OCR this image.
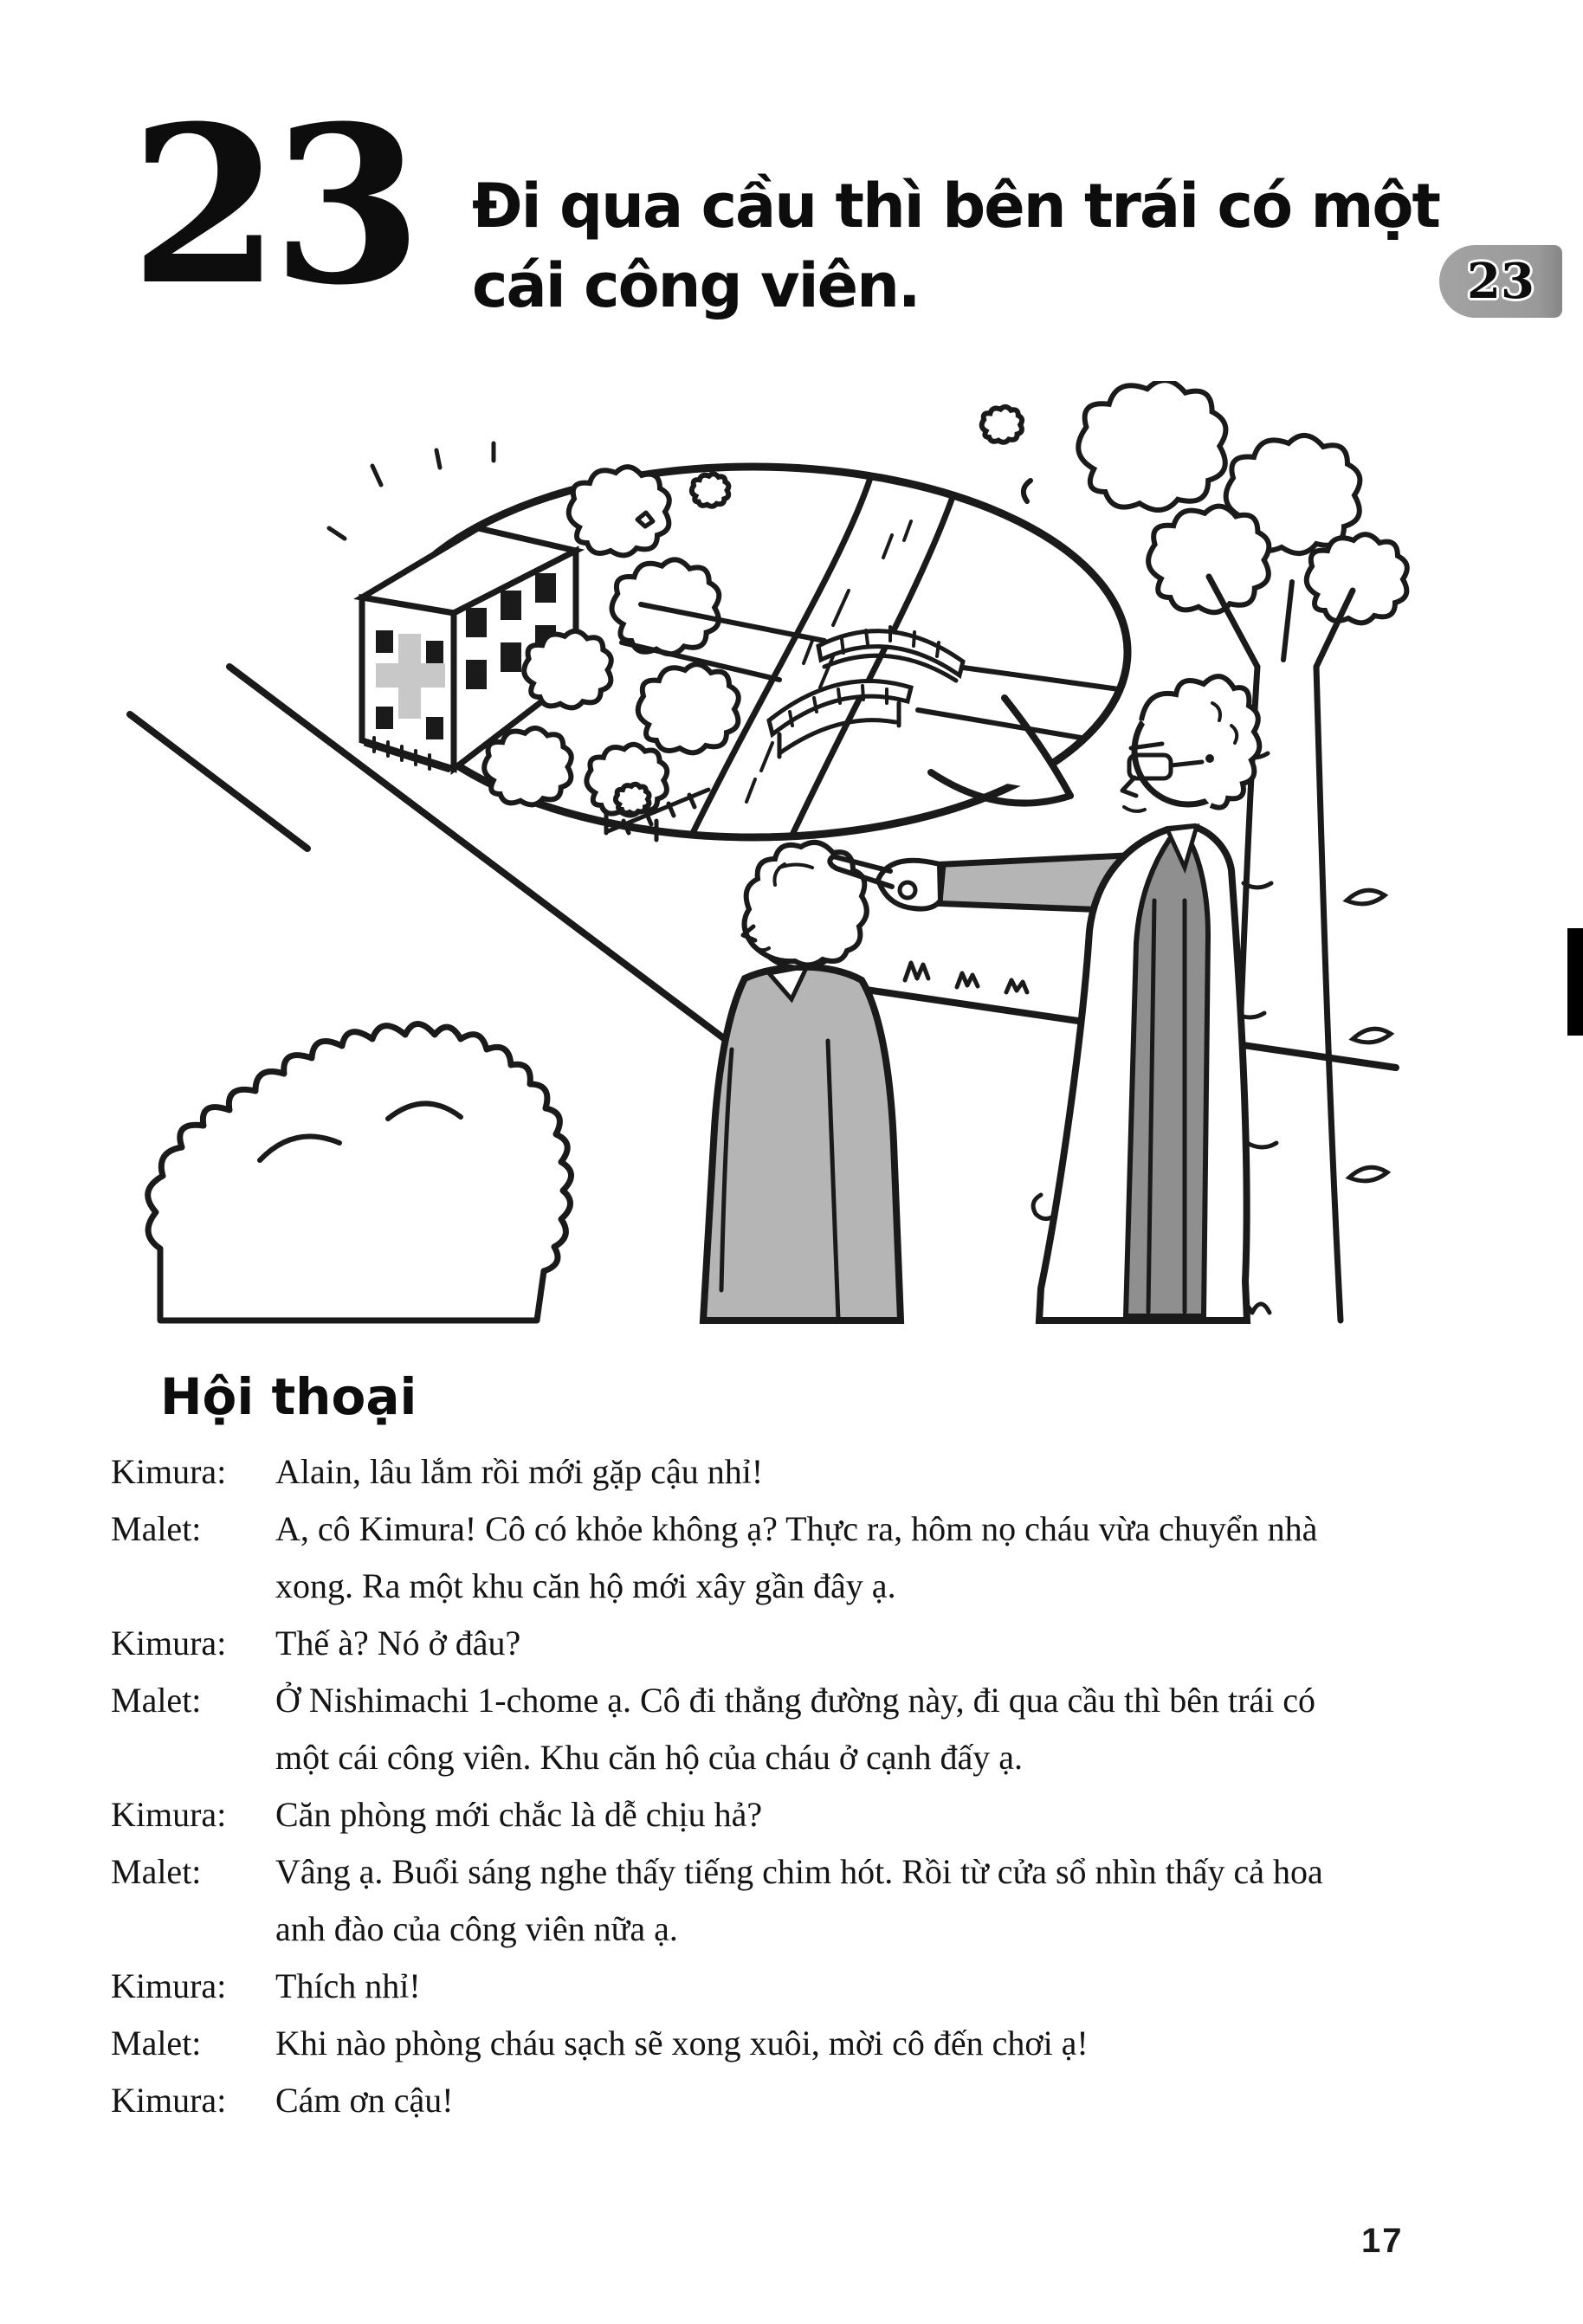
23 Đi qua cầu thì bên trái có một
cái công viên.	23
Hội thoại
Kimura:	Alain, lâu lắm rồi mới gặp cậu nhỉ!
Malet:	A, cô Kimura! Cô có khỏe không ạ? Thực ra, hôm nọ cháu vừa chuyển nhà xong. Ra một khu căn hộ mới xây gần đây ạ.
Kimura:	Thế à? Nó ở đâu?
Malet:	Ở Nishimachi 1-chome ạ. Cô đi thẳng đường này, đi qua cầu thì bên trái có một cái công viên. Khu căn hộ của cháu ở cạnh đấy ạ.
Kimura:	Căn phòng mới chắc là dễ chịu hả?
Malet:	Vâng ạ. Buổi sáng nghe thấy tiếng chim hót. Rồi từ cửa sổ nhìn thấy cả hoa anh đào của công viên nữa ạ.
Kimura:	Thích nhỉ!
Malet:	Khi nào phòng cháu sạch sẽ xong xuôi, mời cô đến chơi ạ!
Kimura:	Cám ơn cậu!
17
